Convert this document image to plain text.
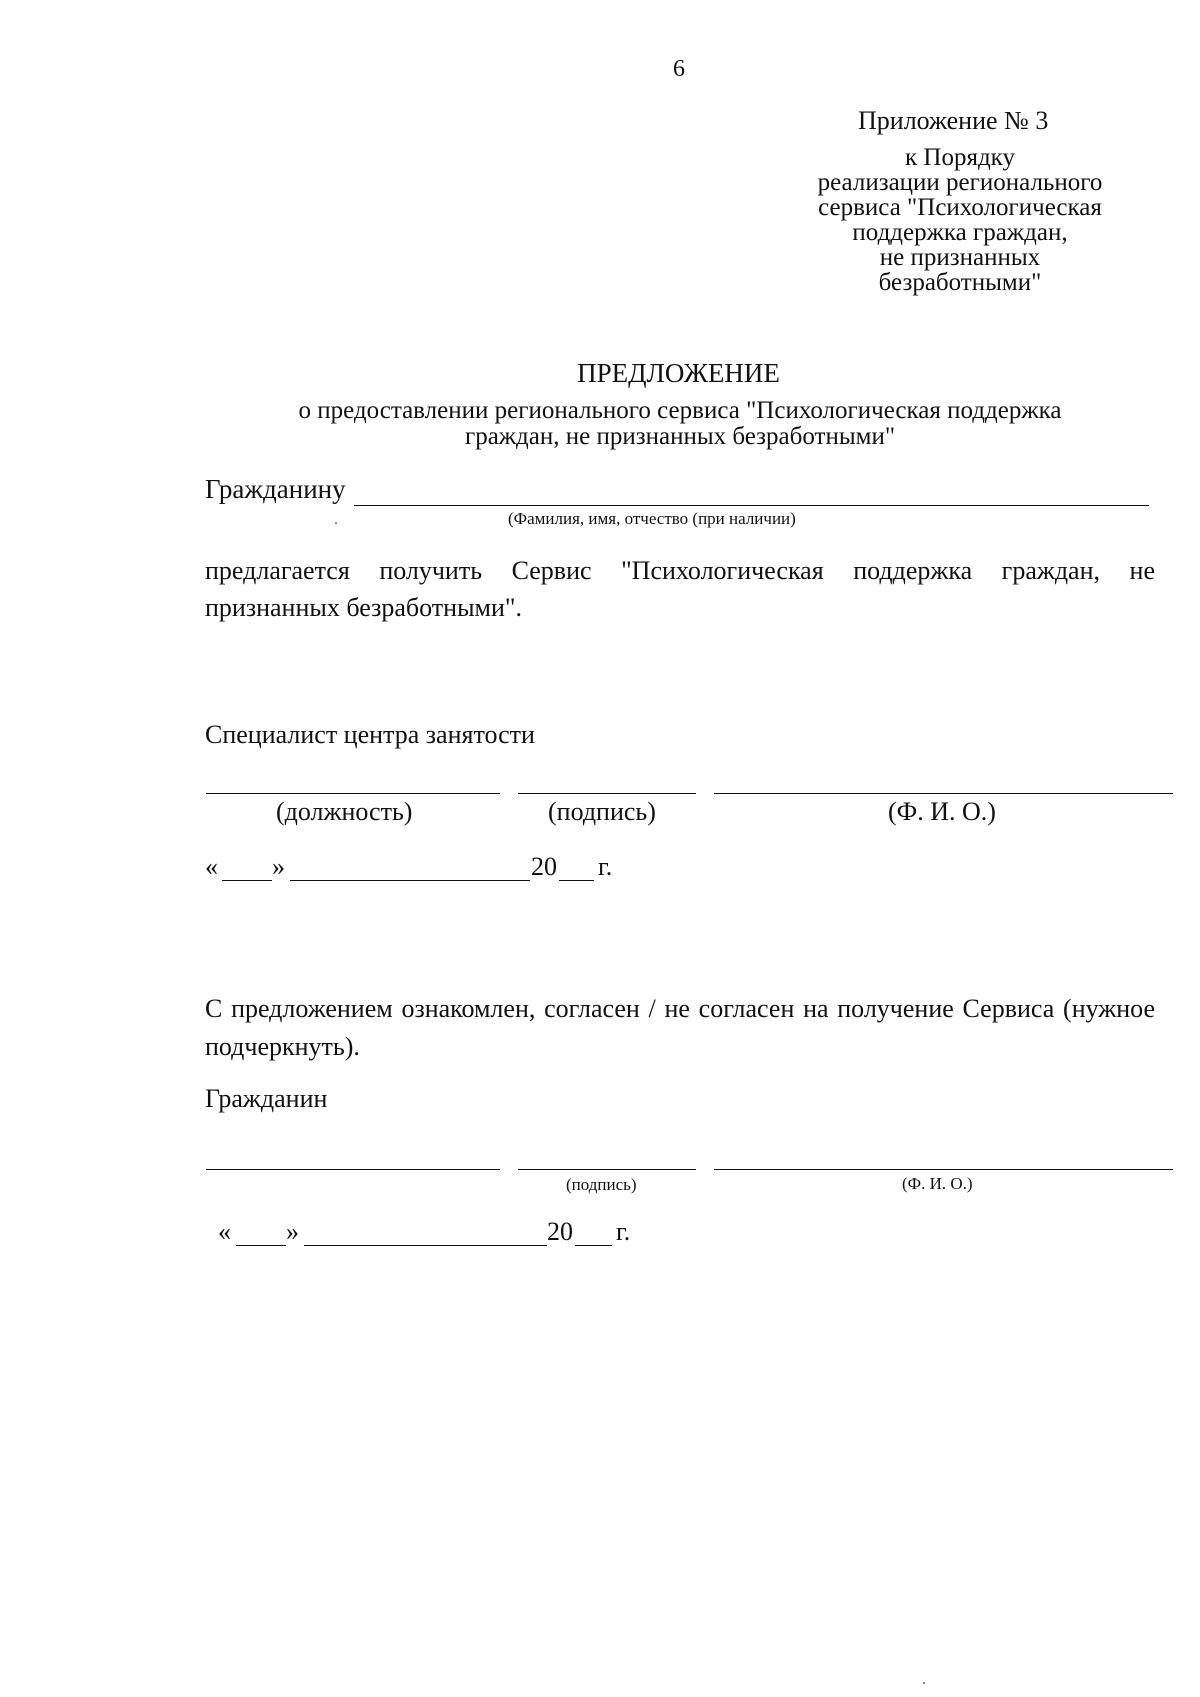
6
Приложение № 3
к Порядку
реализации регионального
сервиса "Психологическая
поддержка граждан,
не признанных
безработными"
ПРЕДЛОЖЕНИЕ
о предоставлении регионального сервиса "Психологическая поддержка
граждан, не признанных безработными"
Гражданину
(Фамилия, имя, отчество (при наличии)
предлагается получить Сервис "Психологическая поддержка граждан, не признанных безработными".
Специалист центра занятости
(должность)	(подпись)	(Ф. И. О.)
« »	20 г.
С предложением ознакомлен, согласен / не согласен на получение Сервиса (нужное подчеркнуть).
Гражданин
(подпись)	(Ф. И. О.)
« »	20 г.
